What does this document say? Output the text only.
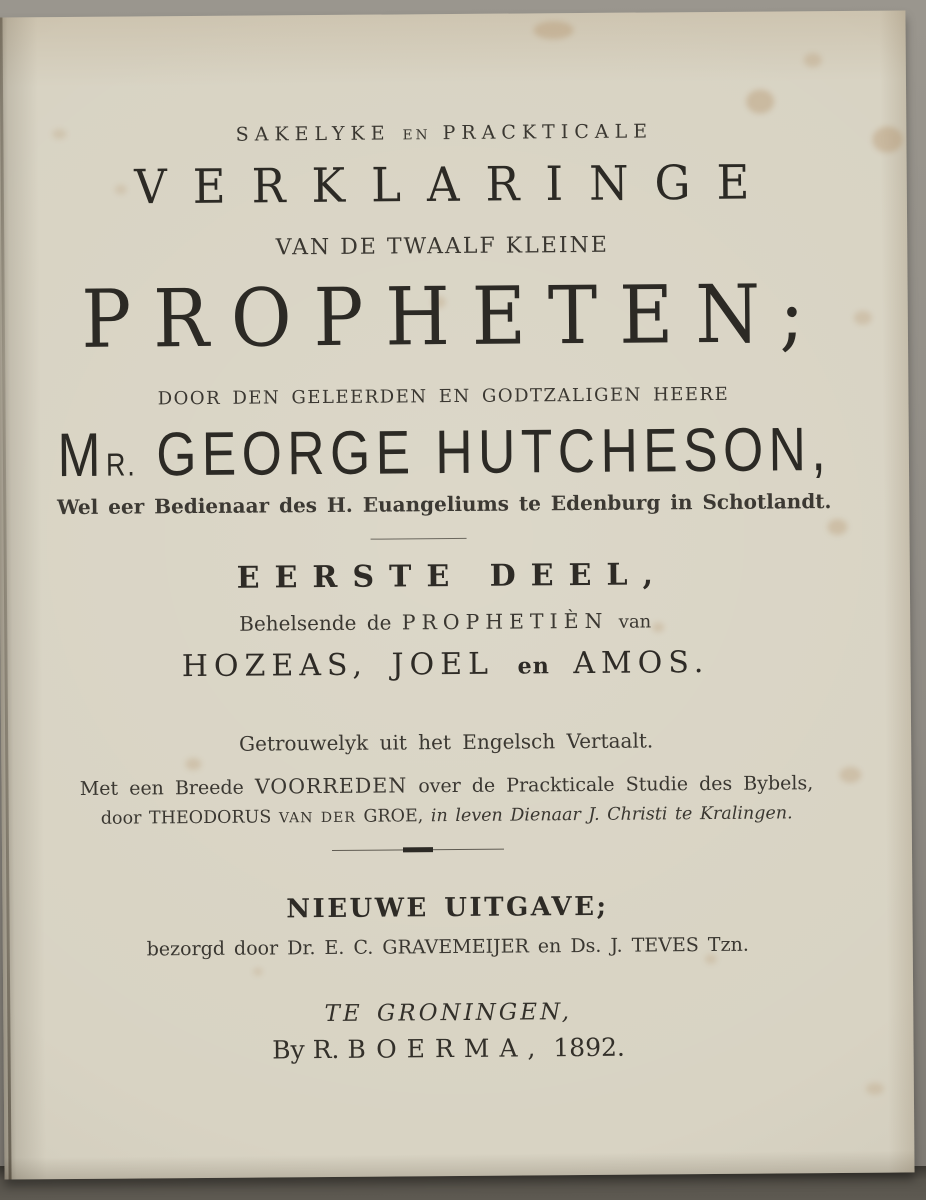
SAKELYKE EN PRACKTICALE
VERKLARINGE
VAN DE TWAALF KLEINE
PROPHETEN;
DOOR DEN GELEERDEN EN GODTZALIGEN HEERE
MR. GEORGE HUTCHESON,
Wel eer Bedienaar des H. Euangeliums te Edenburg in Schotlandt.
EERSTE DEEL,
Behelsende de PROPHETIÈN van
HOZEAS, JOEL en AMOS.
Getrouwelyk uit het Engelsch Vertaalt.
Met een Breede VOORREDEN over de Prackticale Studie des Bybels,
door THEODORUS VAN DER GROE, in leven Dienaar J. Christi te Kralingen.
NIEUWE UITGAVE;
bezorgd door Dr. E. C. GRAVEMEIJER en Ds. J. TEVES Tzn.
TE GRONINGEN,
By R. BOERMA, 1892.
